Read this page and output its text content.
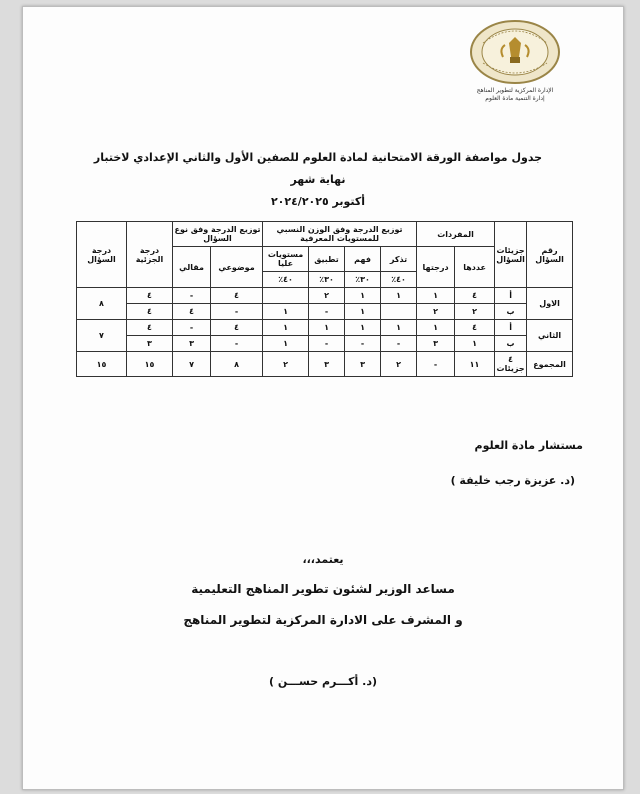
الإدارة المركزية لتطوير المناهج
إدارة التنمية مادة العلوم
جدول مواصفة الورقة الامتحانية لمادة العلوم للصفين الأول والثاني الإعدادي لاختبار نهاية شهر
أكتوبر ٢٠٢٤/٢٠٢٥
رقم السؤال	جزيئات السؤال	المفردات		توزيع الدرجة وفق الوزن النسبي للمستويات المعرفية				توزيع الدرجة وفق نوع السؤال		درجة الجزئية	درجة السؤال
		عددها	درجتها	تذكر	فهم	تطبيق	مستويات عليا	موضوعي	مقالي		
				٤٠٪	٣٠٪	٣٠٪	٤٠٪				
الاول	أ	٤	١	١	١	٢		٤	-	٤	٨
	ب	٢	٢		١	-	١	-	٤	٤	
الثاني	أ	٤	١	١	١	١	١	٤	-	٤	٧
	ب	١	٣	-	-	-	١	-	٣	٣	
المجموع	٤ جزيئات	١١	-	٢	٣	٣	٢	٨	٧	١٥	١٥
مستشار مادة العلوم
(د. عزيزة رجب خليفة )
يعتمد،،،
مساعد الوزير لشئون تطوير المناهج التعليمية
و المشرف على الادارة المركزية لتطوير المناهج
(د. أكـــرم حســـن )
